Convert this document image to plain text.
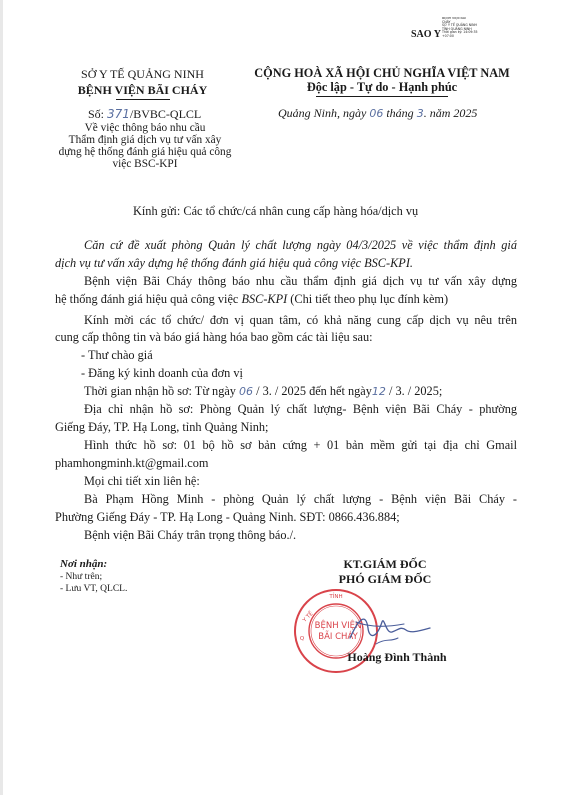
SAO Y
BỆNH VIỆN BÃI
CHÁY
SỞ Y TẾ QUẢNG NINH
TỈNH QUẢNG NINH
Thời gian ký: 14:09:35
+07:00
SỞ Y TẾ QUẢNG NINH
BỆNH VIỆN BÃI CHÁY
Số: 371/BVBC-QLCL
Về việc thông báo nhu cầu
Thẩm định giá dịch vụ tư vấn xây
dựng hệ thống đánh giá hiệu quả công
việc BSC-KPI
CỘNG HOÀ XÃ HỘI CHỦ NGHĨA VIỆT NAM
Độc lập - Tự do - Hạnh phúc
Quảng Ninh, ngày 06 tháng 3. năm 2025
Kính gửi: Các tổ chức/cá nhân cung cấp hàng hóa/dịch vụ
Căn cứ đề xuất phòng Quản lý chất lượng ngày 04/3/2025 về việc thẩm định giá
dịch vụ tư vấn xây dựng hệ thống đánh giá hiệu quả công việc BSC-KPI.
Bệnh viện Bãi Cháy thông báo nhu cầu thẩm định giá dịch vụ tư vấn xây dựng
hệ thống đánh giá hiệu quả công việc BSC-KPI (Chi tiết theo phụ lục đính kèm)
Kính mời các tổ chức/ đơn vị quan tâm, có khả năng cung cấp dịch vụ nêu trên
cung cấp thông tin và báo giá hàng hóa bao gồm các tài liệu sau:
- Thư chào giá
- Đăng ký kinh doanh của đơn vị
Thời gian nhận hồ sơ: Từ ngày 06 / 3. / 2025 đến hết ngày12 / 3. / 2025;
Địa chỉ nhận hồ sơ: Phòng Quản lý chất lượng- Bệnh viện Bãi Cháy - phường
Giếng Đáy, TP. Hạ Long, tỉnh Quảng Ninh;
Hình thức hồ sơ: 01 bộ hồ sơ bản cứng + 01 bản mềm gửi tại địa chỉ Gmail
phamhongminh.kt@gmail.com
Mọi chi tiết xin liên hệ:
Bà Phạm Hồng Minh - phòng Quản lý chất lượng - Bệnh viện Bãi Cháy -
Phường Giếng Đáy - TP. Hạ Long - Quảng Ninh. SĐT: 0866.436.884;
Bệnh viện Bãi Cháy trân trọng thông báo./.
Nơi nhận:
- Như trên;
- Lưu VT, QLCL.
KT.GIÁM ĐỐC
PHÓ GIÁM ĐỐC
TỈNH
Y TẾ
Q
BỆNH VIỆN
BÃI CHÁY
Hoàng Đình Thành
